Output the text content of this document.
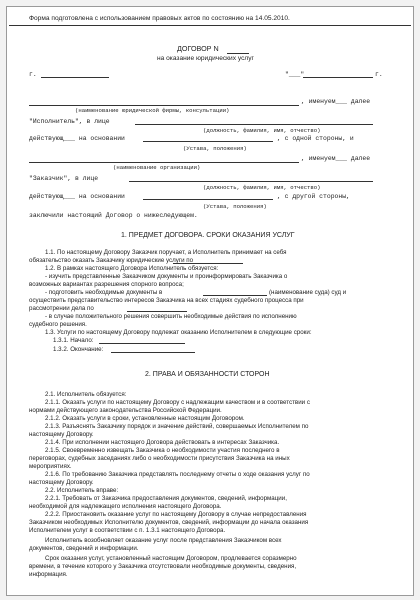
Форма подготовлена с использованием правовых актов по состоянию на 14.05.2010.
ДОГОВОР N
на оказание юридических услуг
г.	"___"	г.
, именуем___ далее
(наименование юридической фирмы, консультации)
"Исполнитель", в лице
(должность, фамилия, имя, отчество)
действующ___ на основании	, с одной стороны, и
(Устава, положения)
, именуем___ далее
(наименование организации)
"Заказчик", в лице
(должность, фамилия, имя, отчество)
действующ___ на основании	, с другой стороны,
(Устава, положения)
заключили настоящий Договор о нижеследующем.
1. ПРЕДМЕТ ДОГОВОРА. СРОКИ ОКАЗАНИЯ УСЛУГ
1.1. По настоящему Договору Заказчик поручает, а Исполнитель принимает на себя
обязательство оказать Заказчику юридические услуги по
1.2. В рамках настоящего Договора Исполнитель обязуется:
- изучить представленные Заказчиком документы и проинформировать Заказчика о
возможных вариантах разрешения спорного вопроса;
- подготовить необходимые документы в	(наименование суда) суд и
осуществить представительство интересов Заказчика на всех стадиях судебного процесса при
рассмотрении дела по
- в случае положительного решения совершить необходимые действия по исполнению
судебного решения.
1.3. Услуги по настоящему Договору подлежат оказанию Исполнителем в следующие сроки:
1.3.1. Начало:
1.3.2. Окончание:
2. ПРАВА И ОБЯЗАННОСТИ СТОРОН
2.1. Исполнитель обязуется:
2.1.1. Оказать услуги по настоящему Договору с надлежащим качеством и в соответствии с
нормами действующего законодательства Российской Федерации.
2.1.2. Оказать услуги в сроки, установленные настоящим Договором.
2.1.3. Разъяснять Заказчику порядок и значение действий, совершаемых Исполнителем по
настоящему Договору.
2.1.4. При исполнении настоящего Договора действовать в интересах Заказчика.
2.1.5. Своевременно извещать Заказчика о необходимости участия последнего в
переговорах, судебных заседаниях либо о необходимости присутствия Заказчика на иных
мероприятиях.
2.1.6. По требованию Заказчика представлять последнему отчеты о ходе оказания услуг по
настоящему Договору.
2.2. Исполнитель вправе:
2.2.1. Требовать от Заказчика предоставления документов, сведений, информации,
необходимой для надлежащего исполнения настоящего Договора.
2.2.2. Приостановить оказание услуг по настоящему Договору в случае непредоставления
Заказчиком необходимых Исполнителю документов, сведений, информации до начала оказания
Исполнителем услуг в соответствии с п. 1.3.1 настоящего Договора.
Исполнитель возобновляет оказание услуг после представления Заказчиком всех
документов, сведений и информации.
Срок оказания услуг, установленный настоящим Договором, продлевается соразмерно
времени, в течение которого у Заказчика отсутствовали необходимые документы, сведения,
информация.
